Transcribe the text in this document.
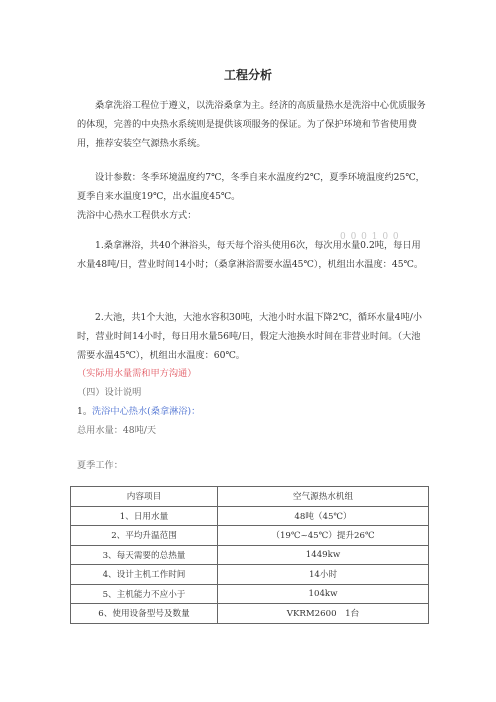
工程分析
桑拿洗浴工程位于遵义，以洗浴桑拿为主。经济的高质量热水是洗浴中心优质服务的体现，完善的中央热水系统则是提供该项服务的保证。为了保护环境和节省使用费用，推荐安装空气源热水系统。
设计参数：冬季环境温度约7℃，冬季自来水温度约2℃，夏季环境温度约25℃，夏季自来水温度19℃，出水温度45℃。
洗浴中心热水工程供水方式：
1.桑拿淋浴，共40个淋浴头，每天每个浴头使用6次，每次用水量0.2吨，每日用水量48吨/日，营业时间14小时；（桑拿淋浴需要水温45℃），机组出水温度：45℃。
2.大池，共1个大池，大池水容积30吨，大池小时水温下降2℃，循环水量4吨/小时，营业时间14小时，每日用水量56吨/日，假定大池换水时间在非营业时间。（大池需要水温45℃），机组出水温度：60℃。
（实际用水量需和甲方沟通）
（四）设计说明
1。洗浴中心热水(桑拿淋浴)：
总用水量：48吨/天
夏季工作：
0 0 0 1 0 0
内容项目	空气源热水机组
1、日用水量	48吨（45℃）
2、平均升温范围	（19℃~45℃）提升26℃
3、每天需要的总热量	1449kw
4、设计主机工作时间	14小时
5、主机能力不应小于	104kw
6、使用设备型号及数量	VKRM2600　1台
